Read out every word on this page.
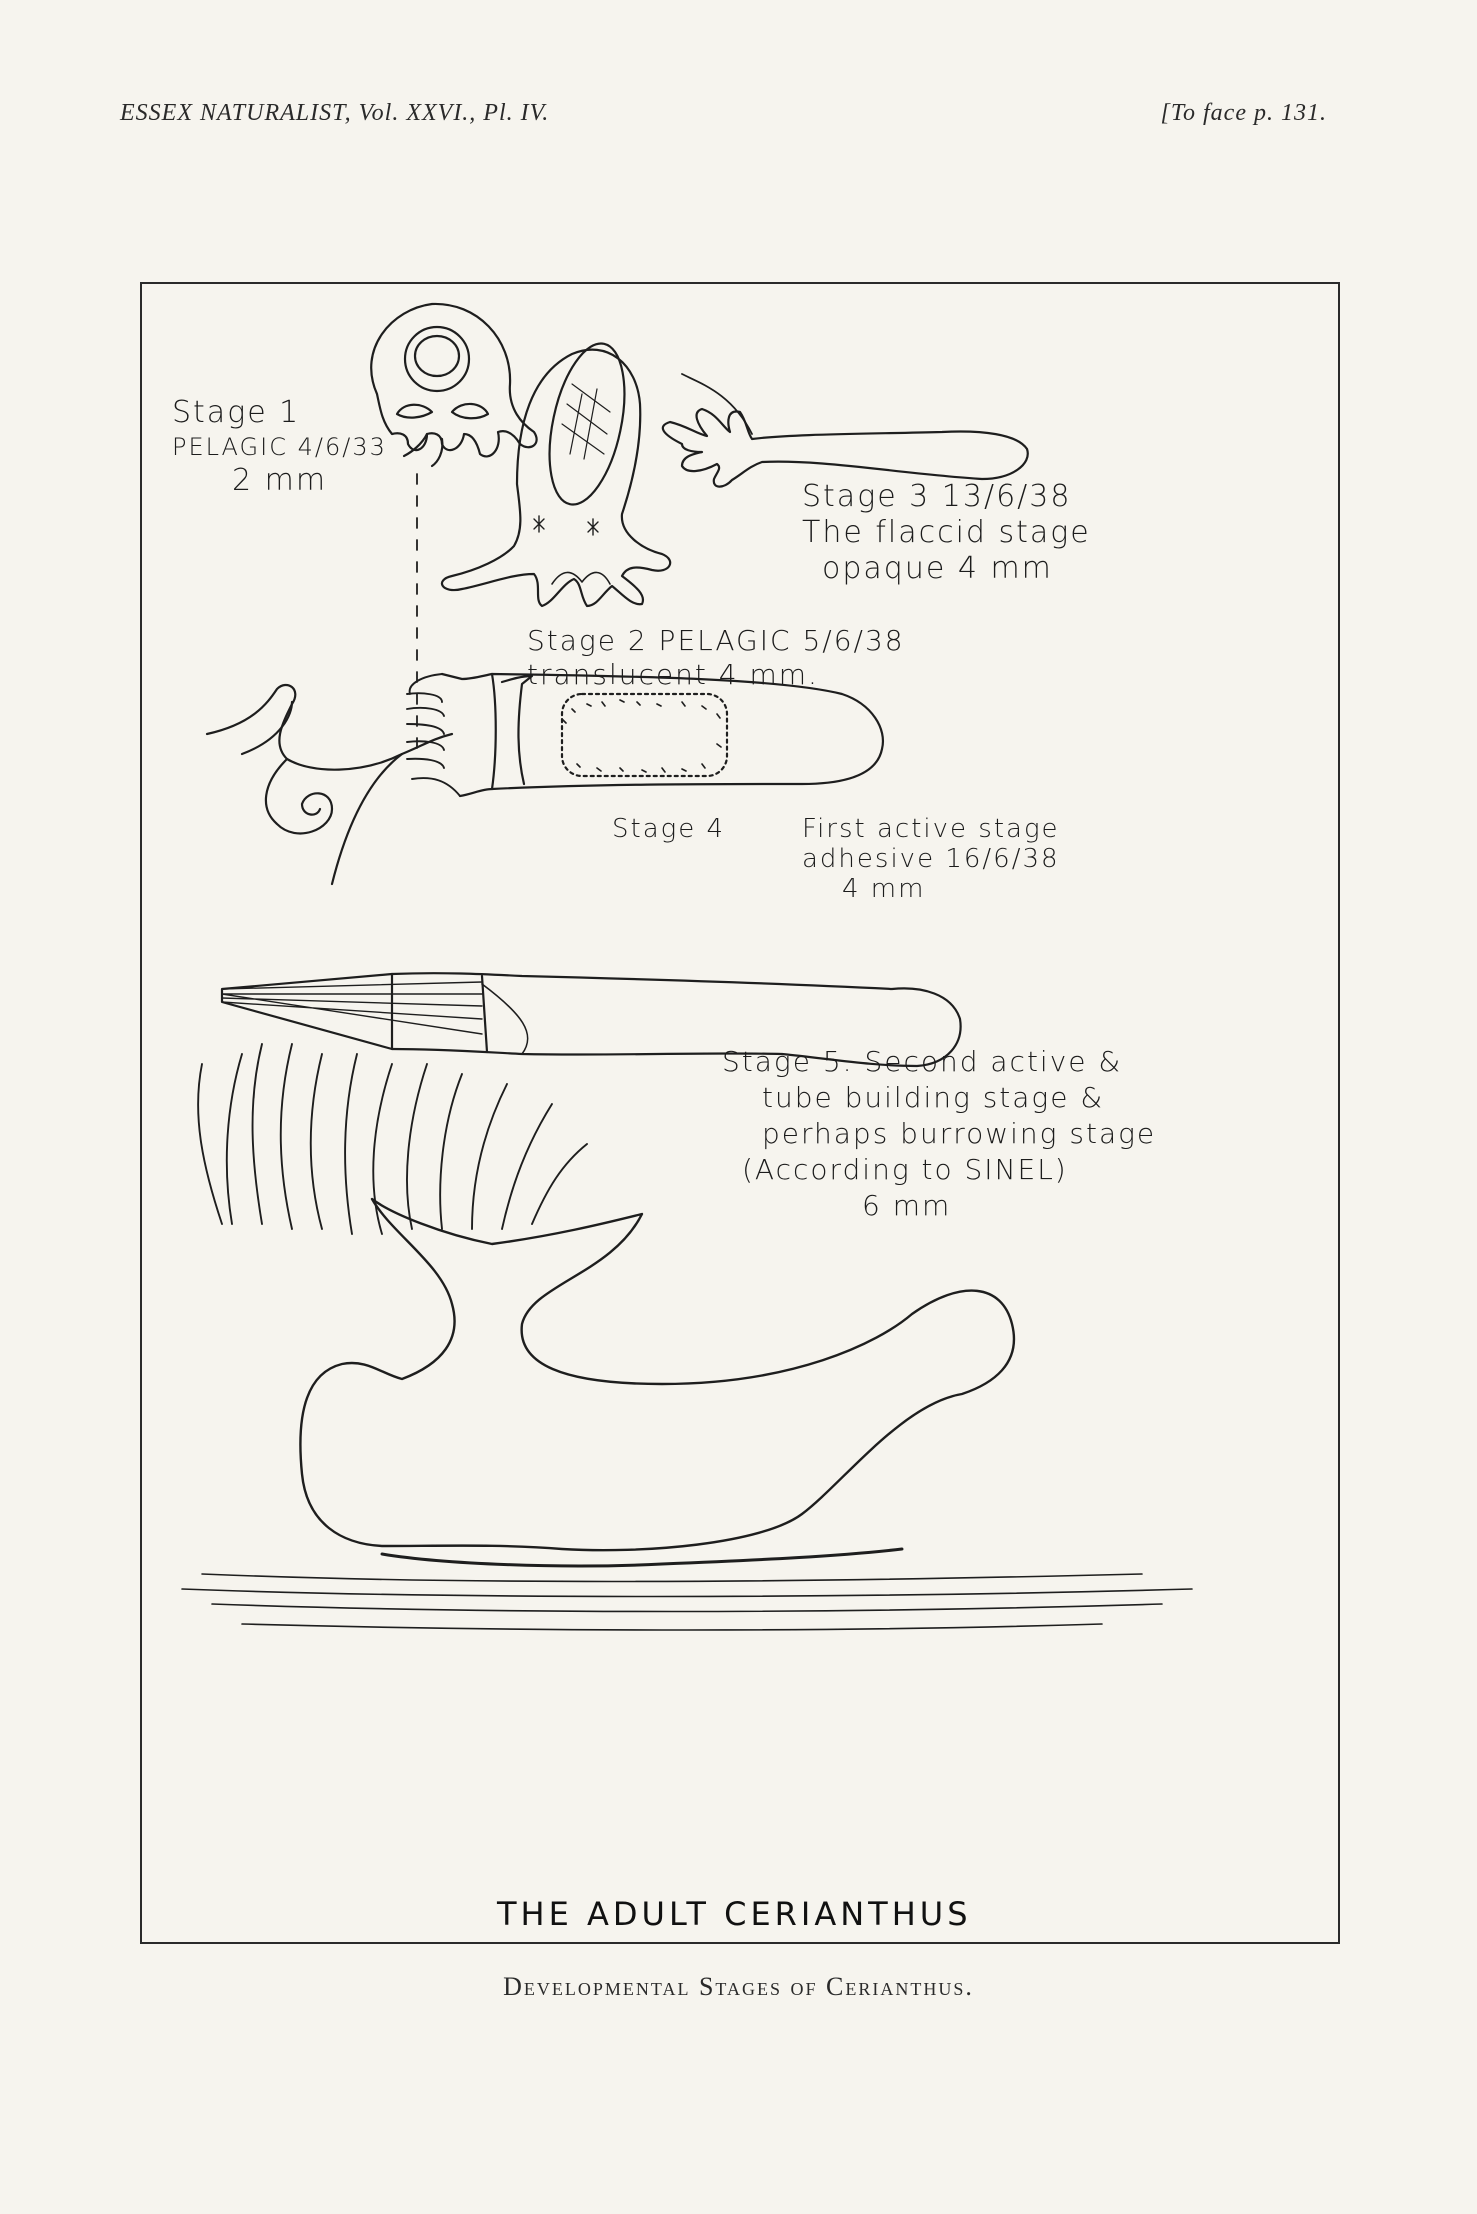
ESSEX NATURALIST, Vol. XXVI., Pl. IV.	[To face p. 131.
Stage 1
PELAGIC 4/6/33
2 mm
Stage 2 PELAGIC 5/6/38
translucent 4 mm.
Stage 3 13/6/38
The flaccid stage
opaque 4 mm
Stage 4	First active stage
adhesive 16/6/38
4 mm
Stage 5. Second active &
tube building stage &
perhaps burrowing stage
(According to SINEL)
6 mm
THE ADULT CERIANTHUS
Developmental Stages of Cerianthus.
